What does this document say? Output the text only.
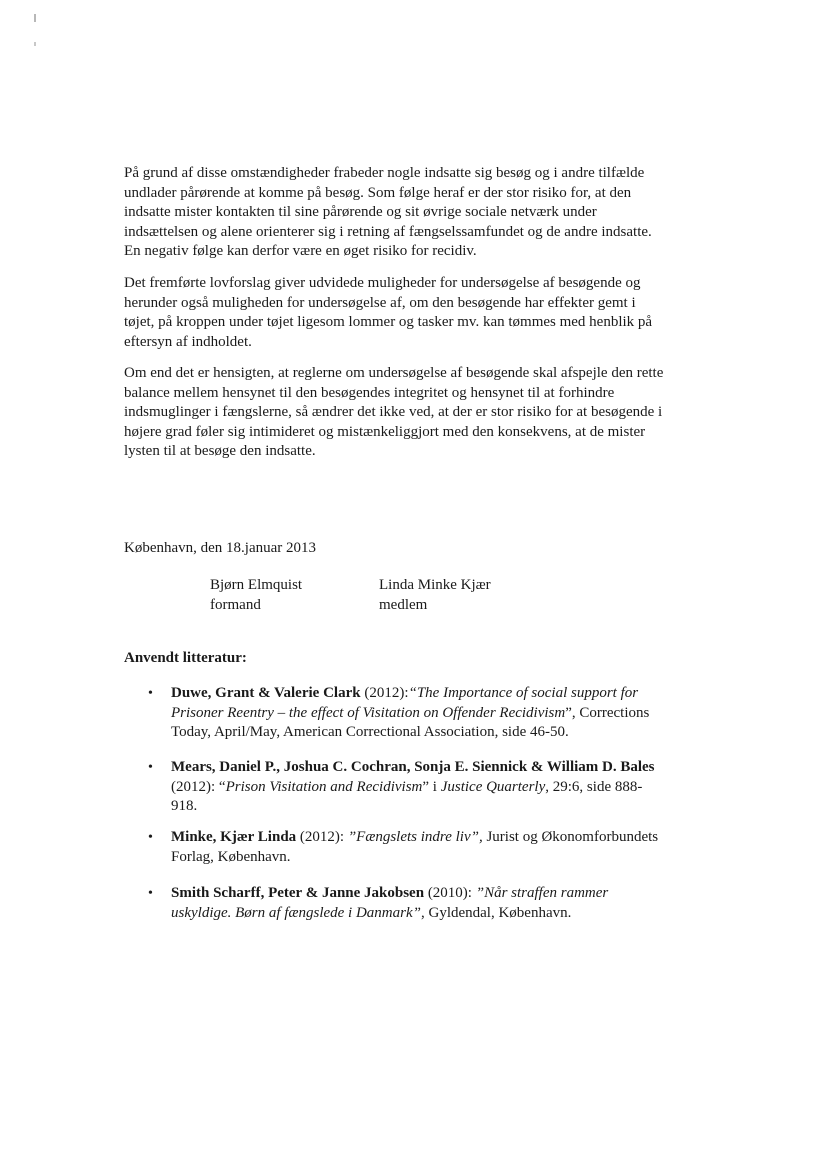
På grund af disse omstændigheder frabeder nogle indsatte sig besøg og i andre tilfælde
undlader pårørende at komme på besøg. Som følge heraf er der stor risiko for, at den
indsatte mister kontakten til sine pårørende og sit øvrige sociale netværk under
indsættelsen og alene orienterer sig i retning af fængselssamfundet og de andre indsatte.
En negativ følge kan derfor være en øget risiko for recidiv.
Det fremførte lovforslag giver udvidede muligheder for undersøgelse af besøgende og
herunder også muligheden for undersøgelse af, om den besøgende har effekter gemt i
tøjet, på kroppen under tøjet ligesom lommer og tasker mv. kan tømmes med henblik på
eftersyn af indholdet.
Om end det er hensigten, at reglerne om undersøgelse af besøgende skal afspejle den rette
balance mellem hensynet til den besøgendes integritet og hensynet til at forhindre
indsmuglinger i fængslerne, så ændrer det ikke ved, at der er stor risiko for at besøgende i
højere grad føler sig intimideret og mistænkeliggjort med den konsekvens, at de mister
lysten til at besøge den indsatte.
København, den 18.januar 2013
Bjørn Elmquist
formand
Linda Minke Kjær
medlem
Anvendt litteratur:
• Duwe, Grant & Valerie Clark (2012):“The Importance of social support for
Prisoner Reentry – the effect of Visitation on Offender Recidivism”, Corrections
Today, April/May, American Correctional Association, side 46-50.
• Mears, Daniel P., Joshua C. Cochran, Sonja E. Siennick & William D. Bales
(2012): “Prison Visitation and Recidivism” i Justice Quarterly, 29:6, side 888-
918.
• Minke, Kjær Linda (2012): ”Fængslets indre liv”, Jurist og Økonomforbundets
Forlag, København.
• Smith Scharff, Peter & Janne Jakobsen (2010): ”Når straffen rammer
uskyldige. Børn af fængslede i Danmark”, Gyldendal, København.
